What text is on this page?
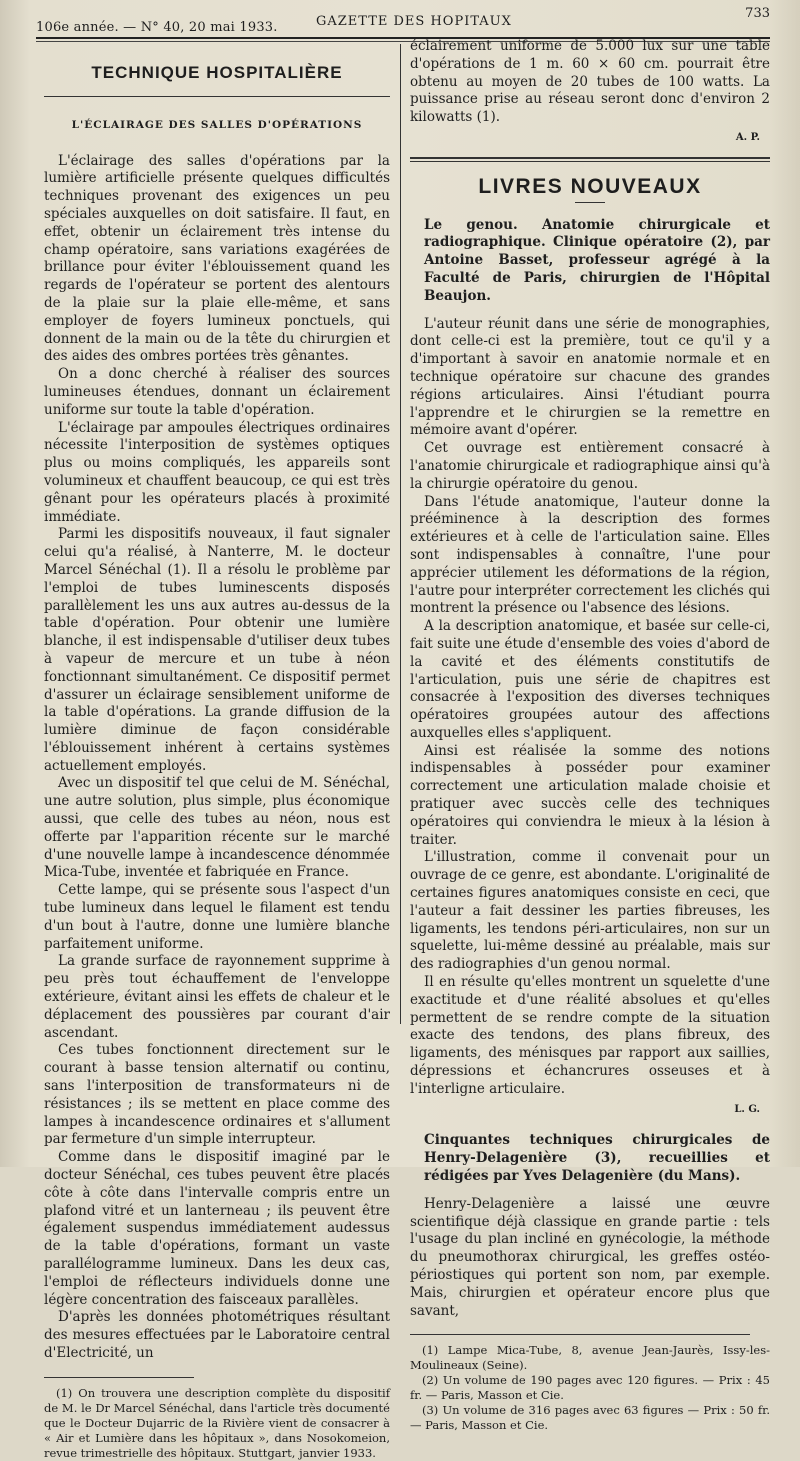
106e année. — N° 40, 20 mai 1933.	GAZETTE DES HOPITAUX
733
TECHNIQUE HOSPITALIÈRE
L'ÉCLAIRAGE DES SALLES D'OPÉRATIONS

L'éclairage des salles d'opérations par la lumière artificielle présente quelques difficultés techniques provenant des exigences un peu spéciales auxquelles on doit satisfaire. Il faut, en effet, obtenir un éclairement très intense du champ opératoire, sans variations exagérées de brillance pour éviter l'éblouissement quand les regards de l'opérateur se portent des alentours de la plaie sur la plaie elle-même, et sans employer de foyers lumineux ponctuels, qui donnent de la main ou de la tête du chirurgien et des aides des ombres portées très gênantes.

On a donc cherché à réaliser des sources lumineuses étendues, donnant un éclairement uniforme sur toute la table d'opération.

L'éclairage par ampoules électriques ordinaires nécessite l'interposition de systèmes optiques plus ou moins compliqués, les appareils sont volumineux et chauffent beaucoup, ce qui est très gênant pour les opérateurs placés à proximité immédiate.

Parmi les dispositifs nouveaux, il faut signaler celui qu'a réalisé, à Nanterre, M. le docteur Marcel Sénéchal (1). Il a résolu le problème par l'emploi de tubes luminescents disposés parallèlement les uns aux autres au-dessus de la table d'opération. Pour obtenir une lumière blanche, il est indispensable d'utiliser deux tubes à vapeur de mercure et un tube à néon fonctionnant simultanément. Ce dispositif permet d'assurer un éclairage sensiblement uniforme de la table d'opérations. La grande diffusion de la lumière diminue de façon considérable l'éblouissement inhérent à certains systèmes actuellement employés.

Avec un dispositif tel que celui de M. Sénéchal, une autre solution, plus simple, plus économique aussi, que celle des tubes au néon, nous est offerte par l'apparition récente sur le marché d'une nouvelle lampe à incandescence dénommée Mica-Tube, inventée et fabriquée en France.

Cette lampe, qui se présente sous l'aspect d'un tube lumineux dans lequel le filament est tendu d'un bout à l'autre, donne une lumière blanche parfaitement uniforme.

La grande surface de rayonnement supprime à peu près tout échauffement de l'enveloppe extérieure, évitant ainsi les effets de chaleur et le déplacement des poussières par courant d'air ascendant.

Ces tubes fonctionnent directement sur le courant à basse tension alternatif ou continu, sans l'interposition de transformateurs ni de résistances ; ils se mettent en place comme des lampes à incandescence ordinaires et s'allument par fermeture d'un simple interrupteur.

Comme dans le dispositif imaginé par le docteur Sénéchal, ces tubes peuvent être placés côte à côte dans l'intervalle compris entre un plafond vitré et un lanterneau ; ils peuvent être également suspendus immédiatement audessus de la table d'opérations, formant un vaste parallélogramme lumineux. Dans les deux cas, l'emploi de réflecteurs individuels donne une légère concentration des faisceaux parallèles.

D'après les données photométriques résultant des mesures effectuées par le Laboratoire central d'Electricité, un

(1) On trouvera une description complète du dispositif de M. le Dr Marcel Sénéchal, dans l'article très documenté que le Docteur Dujarric de la Rivière vient de consacrer à « Air et Lumière dans les hôpitaux », dans Nosokomeion, revue trimestrielle des hôpitaux. Stuttgart, janvier 1933.

éclairement uniforme de 5.000 lux sur une table d'opérations de 1 m. 60 × 60 cm. pourrait être obtenu au moyen de 20 tubes de 100 watts. La puissance prise au réseau seront donc d'environ 2 kilowatts (1).

A. P.

LIVRES NOUVEAUX

Le genou. Anatomie chirurgicale et radiographique. Clinique opératoire (2), par Antoine Basset, professeur agrégé à la Faculté de Paris, chirurgien de l'Hôpital Beaujon.

L'auteur réunit dans une série de monographies, dont celle-ci est la première, tout ce qu'il y a d'important à savoir en anatomie normale et en technique opératoire sur chacune des grandes régions articulaires. Ainsi l'étudiant pourra l'apprendre et le chirurgien se la remettre en mémoire avant d'opérer.

Cet ouvrage est entièrement consacré à l'anatomie chirurgicale et radiographique ainsi qu'à la chirurgie opératoire du genou.

Dans l'étude anatomique, l'auteur donne la prééminence à la description des formes extérieures et à celle de l'articulation saine. Elles sont indispensables à connaître, l'une pour apprécier utilement les déformations de la région, l'autre pour interpréter correctement les clichés qui montrent la présence ou l'absence des lésions.

A la description anatomique, et basée sur celle-ci, fait suite une étude d'ensemble des voies d'abord de la cavité et des éléments constitutifs de l'articulation, puis une série de chapitres est consacrée à l'exposition des diverses techniques opératoires groupées autour des affections auxquelles elles s'appliquent.

Ainsi est réalisée la somme des notions indispensables à posséder pour examiner correctement une articulation malade choisie et pratiquer avec succès celle des techniques opératoires qui conviendra le mieux à la lésion à traiter.

L'illustration, comme il convenait pour un ouvrage de ce genre, est abondante. L'originalité de certaines figures anatomiques consiste en ceci, que l'auteur a fait dessiner les parties fibreuses, les ligaments, les tendons péri-articulaires, non sur un squelette, lui-même dessiné au préalable, mais sur des radiographies d'un genou normal.

Il en résulte qu'elles montrent un squelette d'une exactitude et d'une réalité absolues et qu'elles permettent de se rendre compte de la situation exacte des tendons, des plans fibreux, des ligaments, des ménisques par rapport aux saillies, dépressions et échancrures osseuses et à l'interligne articulaire.

L. G.

Cinquantes techniques chirurgicales de Henry-Delagenière (3), recueillies et rédigées par Yves Delagenière (du Mans).

Henry-Delagenière a laissé une œuvre scientifique déjà classique en grande partie : tels l'usage du plan incliné en gynécologie, la méthode du pneumothorax chirurgical, les greffes ostéo-périostiques qui portent son nom, par exemple. Mais, chirurgien et opérateur encore plus que savant,

(1) Lampe Mica-Tube, 8, avenue Jean-Jaurès, Issy-les-Moulineaux (Seine).

(2) Un volume de 190 pages avec 120 figures. — Prix : 45 fr. — Paris, Masson et Cie.

(3) Un volume de 316 pages avec 63 figures — Prix : 50 fr. — Paris, Masson et Cie.
